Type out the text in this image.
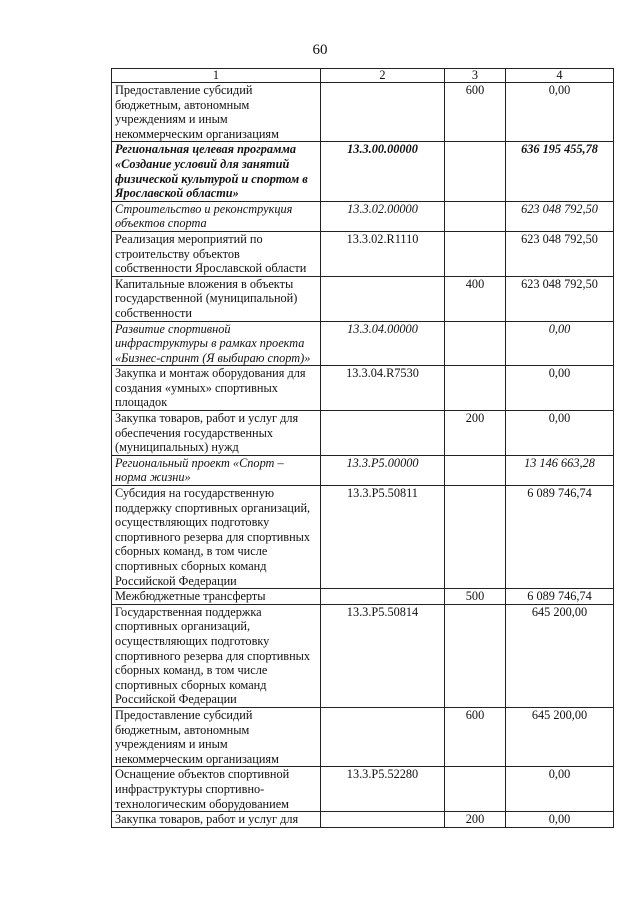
60
1	2	3	4
Предоставление субсидий бюджетным, автономным учреждениям и иным некоммерческим организациям		600	0,00
Региональная целевая программа «Создание условий для занятий физической культурой и спортом в Ярославской области»	13.3.00.00000		636 195 455,78
Строительство и реконструкция объектов спорта	13.3.02.00000		623 048 792,50
Реализация мероприятий по строительству объектов собственности Ярославской области	13.3.02.R1110		623 048 792,50
Капитальные вложения в объекты государственной (муниципальной) собственности		400	623 048 792,50
Развитие спортивной инфраструктуры в рамках проекта «Бизнес-спринт (Я выбираю спорт)»	13.3.04.00000		0,00
Закупка и монтаж оборудования для создания «умных» спортивных площадок	13.3.04.R7530		0,00
Закупка товаров, работ и услуг для обеспечения государственных (муниципальных) нужд		200	0,00
Региональный проект «Спорт – норма жизни»	13.3.P5.00000		13 146 663,28
Субсидия на государственную поддержку спортивных организаций, осуществляющих подготовку спортивного резерва для спортивных сборных команд, в том числе спортивных сборных команд Российской Федерации	13.3.P5.50811		6 089 746,74
Межбюджетные трансферты		500	6 089 746,74
Государственная поддержка спортивных организаций, осуществляющих подготовку спортивного резерва для спортивных сборных команд, в том числе спортивных сборных команд Российской Федерации	13.3.P5.50814		645 200,00
Предоставление субсидий бюджетным, автономным учреждениям и иным некоммерческим организациям		600	645 200,00
Оснащение объектов спортивной инфраструктуры спортивно-технологическим оборудованием	13.3.P5.52280		0,00
Закупка товаров, работ и услуг для		200	0,00
